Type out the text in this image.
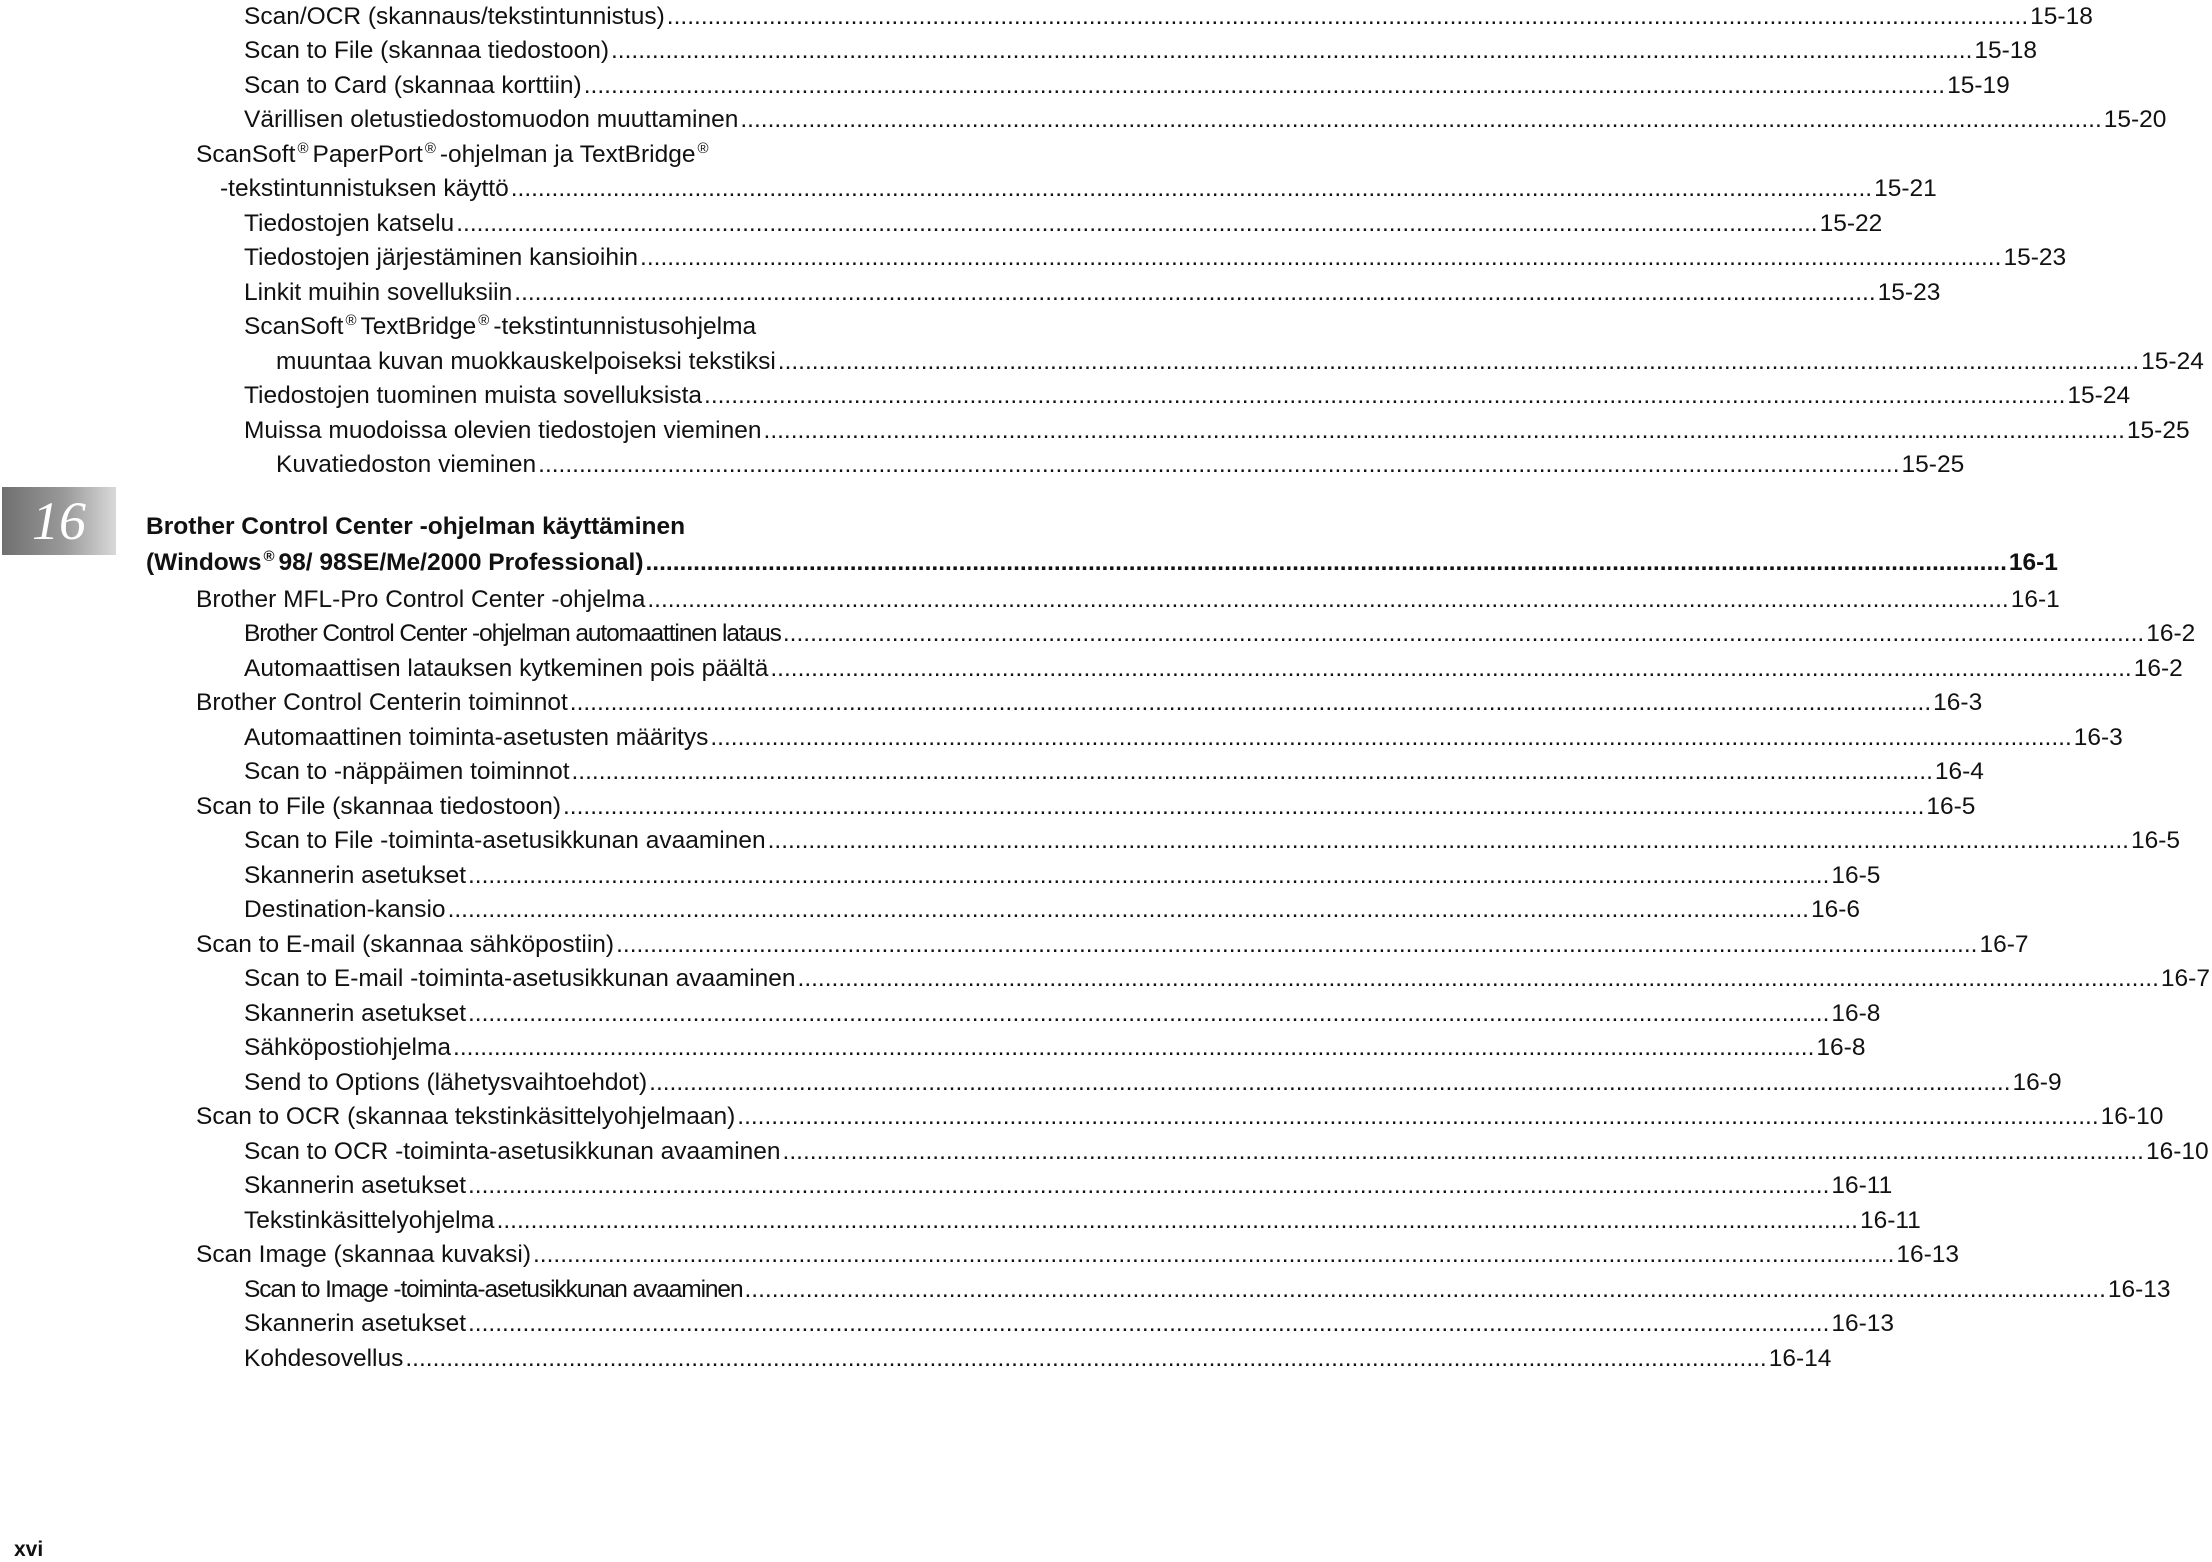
16
Scan/OCR (skannaus/tekstintunnistus) ........................................................................................................................................................................................................ 15-18
Scan to File (skannaa tiedostoon) ........................................................................................................................................................................................................ 15-18
Scan to Card (skannaa korttiin) ........................................................................................................................................................................................................ 15-19
Värillisen oletustiedostomuodon muuttaminen ........................................................................................................................................................................................................ 15-20
ScanSoft ® PaperPort ® -ohjelman ja TextBridge ®
-tekstintunnistuksen käyttö ........................................................................................................................................................................................................ 15-21
Tiedostojen katselu ........................................................................................................................................................................................................ 15-22
Tiedostojen järjestäminen kansioihin ........................................................................................................................................................................................................ 15-23
Linkit muihin sovelluksiin ........................................................................................................................................................................................................ 15-23
ScanSoft ® TextBridge ® -tekstintunnistusohjelma
muuntaa kuvan muokkauskelpoiseksi tekstiksi ........................................................................................................................................................................................................ 15-24
Tiedostojen tuominen muista sovelluksista ........................................................................................................................................................................................................ 15-24
Muissa muodoissa olevien tiedostojen vieminen ........................................................................................................................................................................................................ 15-25
Kuvatiedoston vieminen ........................................................................................................................................................................................................ 15-25
Brother Control Center -ohjelman käyttäminen
(Windows ® 98/ 98SE/Me/2000 Professional) ........................................................................................................................................................................................................ 16-1
Brother MFL-Pro Control Center -ohjelma ........................................................................................................................................................................................................ 16-1
Brother Control Center -ohjelman automaattinen lataus ........................................................................................................................................................................................................ 16-2
Automaattisen latauksen kytkeminen pois päältä ........................................................................................................................................................................................................ 16-2
Brother Control Centerin toiminnot ........................................................................................................................................................................................................ 16-3
Automaattinen toiminta-asetusten määritys ........................................................................................................................................................................................................ 16-3
Scan to -näppäimen toiminnot ........................................................................................................................................................................................................ 16-4
Scan to File (skannaa tiedostoon) ........................................................................................................................................................................................................ 16-5
Scan to File -toiminta-asetusikkunan avaaminen ........................................................................................................................................................................................................ 16-5
Skannerin asetukset ........................................................................................................................................................................................................ 16-5
Destination-kansio ........................................................................................................................................................................................................ 16-6
Scan to E-mail (skannaa sähköpostiin) ........................................................................................................................................................................................................ 16-7
Scan to E-mail -toiminta-asetusikkunan avaaminen ........................................................................................................................................................................................................ 16-7
Skannerin asetukset ........................................................................................................................................................................................................ 16-8
Sähköpostiohjelma ........................................................................................................................................................................................................ 16-8
Send to Options (lähetysvaihtoehdot) ........................................................................................................................................................................................................ 16-9
Scan to OCR (skannaa tekstinkäsittelyohjelmaan) ........................................................................................................................................................................................................ 16-10
Scan to OCR -toiminta-asetusikkunan avaaminen ........................................................................................................................................................................................................ 16-10
Skannerin asetukset ........................................................................................................................................................................................................ 16-11
Tekstinkäsittelyohjelma ........................................................................................................................................................................................................ 16-11
Scan Image (skannaa kuvaksi) ........................................................................................................................................................................................................ 16-13
Scan to Image -toiminta-asetusikkunan avaaminen ........................................................................................................................................................................................................ 16-13
Skannerin asetukset ........................................................................................................................................................................................................ 16-13
Kohdesovellus ........................................................................................................................................................................................................ 16-14
xvi
